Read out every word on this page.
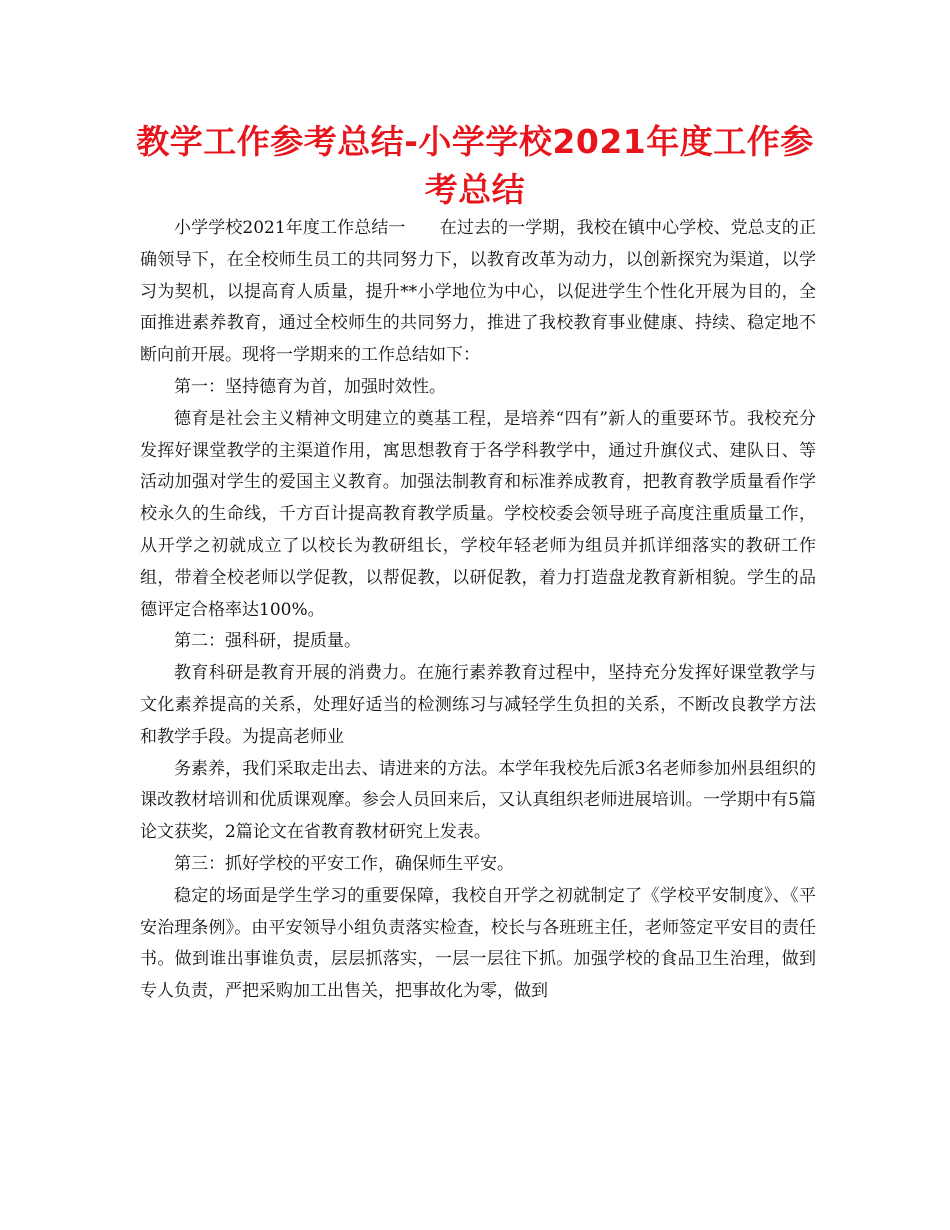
教学工作参考总结-小学学校2021年度工作参考总结

小学学校2021年度工作总结一　　在过去的一学期，我校在镇中心学校、党总支的正确领导下，在全校师生员工的共同努力下，以教育改革为动力，以创新探究为渠道，以学习为契机，以提高育人质量，提升**小学地位为中心，以促进学生个性化开展为目的，全面推进素养教育，通过全校师生的共同努力，推进了我校教育事业健康、持续、稳定地不断向前开展。现将一学期来的工作总结如下：

第一：坚持德育为首，加强时效性。

德育是社会主义精神文明建立的奠基工程，是培养“四有”新人的重要环节。我校充分发挥好课堂教学的主渠道作用，寓思想教育于各学科教学中，通过升旗仪式、建队日、等活动加强对学生的爱国主义教育。加强法制教育和标准养成教育，把教育教学质量看作学校永久的生命线，千方百计提高教育教学质量。学校校委会领导班子高度注重质量工作，从开学之初就成立了以校长为教研组长，学校年轻老师为组员并抓详细落实的教研工作组，带着全校老师以学促教，以帮促教，以研促教，着力打造盘龙教育新相貌。学生的品德评定合格率达100%。

第二：强科研，提质量。

教育科研是教育开展的消费力。在施行素养教育过程中，坚持充分发挥好课堂教学与文化素养提高的关系，处理好适当的检测练习与减轻学生负担的关系，不断改良教学方法和教学手段。为提高老师业

务素养，我们采取走出去、请进来的方法。本学年我校先后派3名老师参加州县组织的课改教材培训和优质课观摩。参会人员回来后，又认真组织老师进展培训。一学期中有5篇论文获奖，2篇论文在省教育教材研究上发表。

第三：抓好学校的平安工作，确保师生平安。

稳定的场面是学生学习的重要保障，我校自开学之初就制定了《学校平安制度》、《平安治理条例》。由平安领导小组负责落实检查，校长与各班班主任，老师签定平安目的责任书。做到谁出事谁负责，层层抓落实，一层一层往下抓。加强学校的食品卫生治理，做到专人负责，严把采购加工出售关，把事故化为零，做到
